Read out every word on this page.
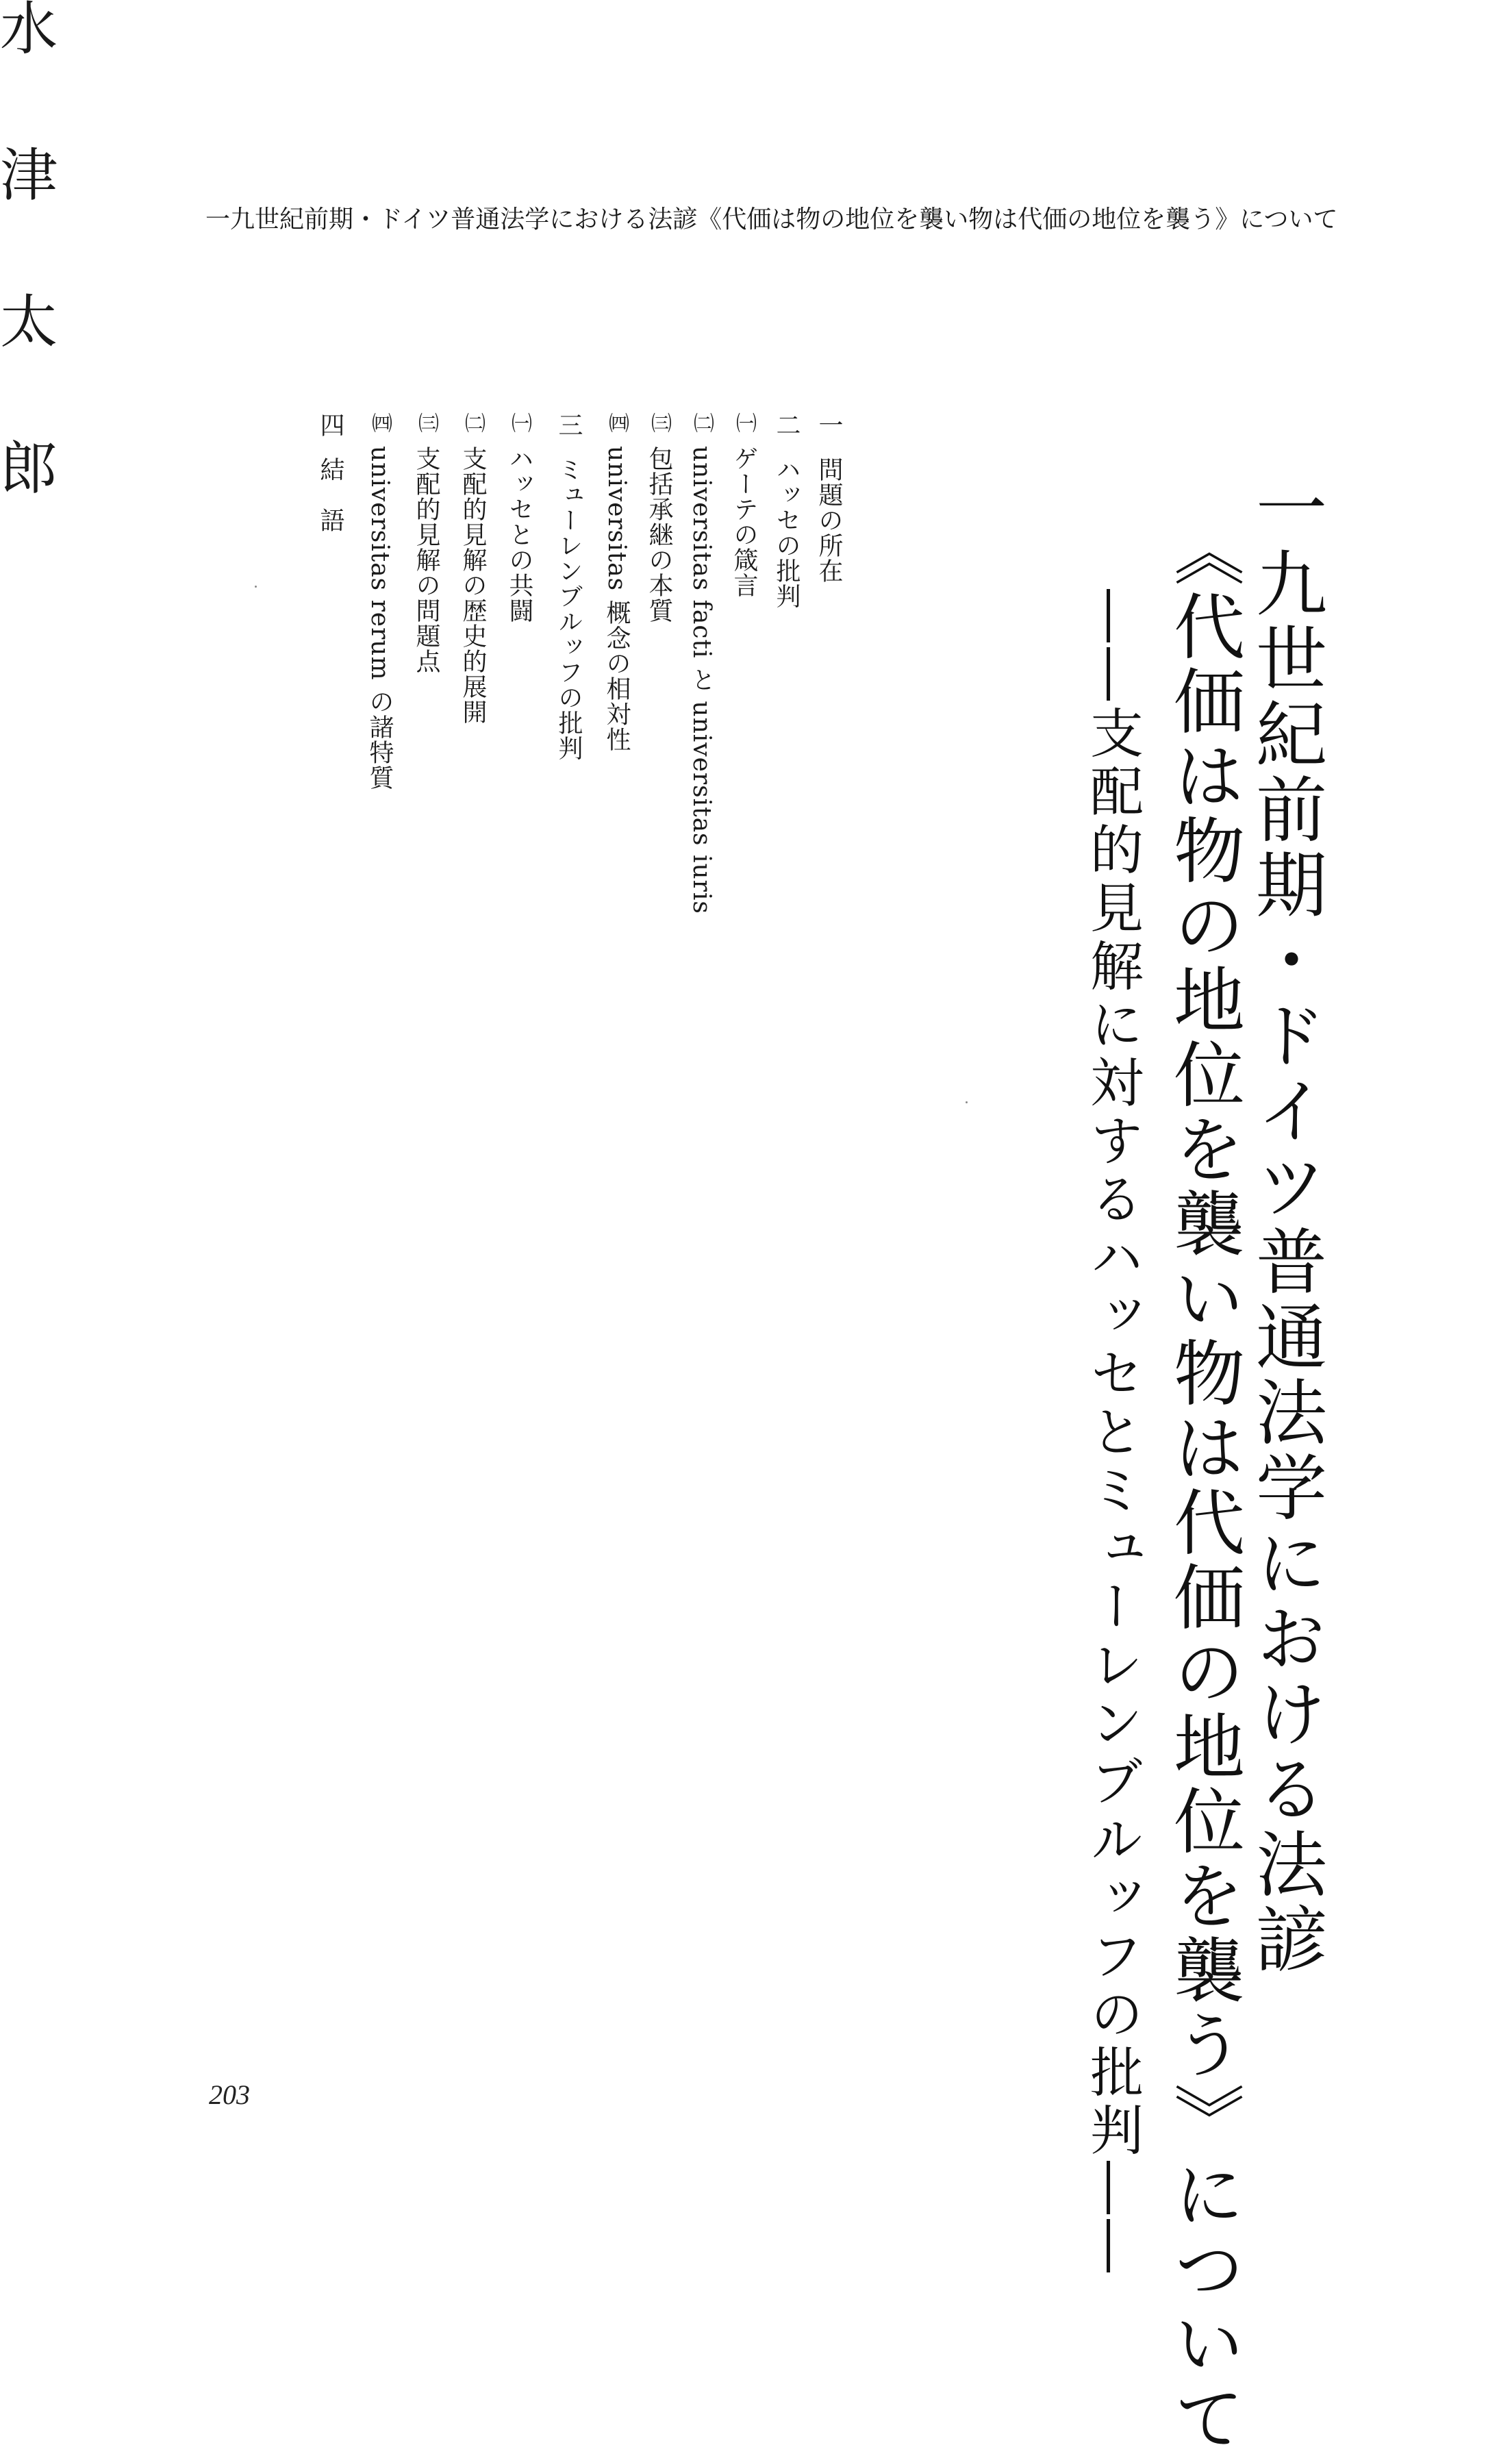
一九世紀前期・ドイツ普通法学における法諺《代価は物の地位を襲い物は代価の地位を襲う》について
一九世紀前期・ドイツ普通法学における法諺
《代価は物の地位を襲い物は代価の地位を襲う》について
――支配的見解に対するハッセとミューレンブルッフの批判――
水
津
太
郎
一問題の所在
二ハッセの批判
㈠ゲーテの箴言
㈡universitas facti と universitas iuris
㈢包括承継の本質
㈣universitas 概念の相対性
三ミューレンブルッフの批判
㈠ハッセとの共闘
㈡支配的見解の歴史的展開
㈢支配的見解の問題点
㈣universitas rerum の諸特質
四結　語
203
